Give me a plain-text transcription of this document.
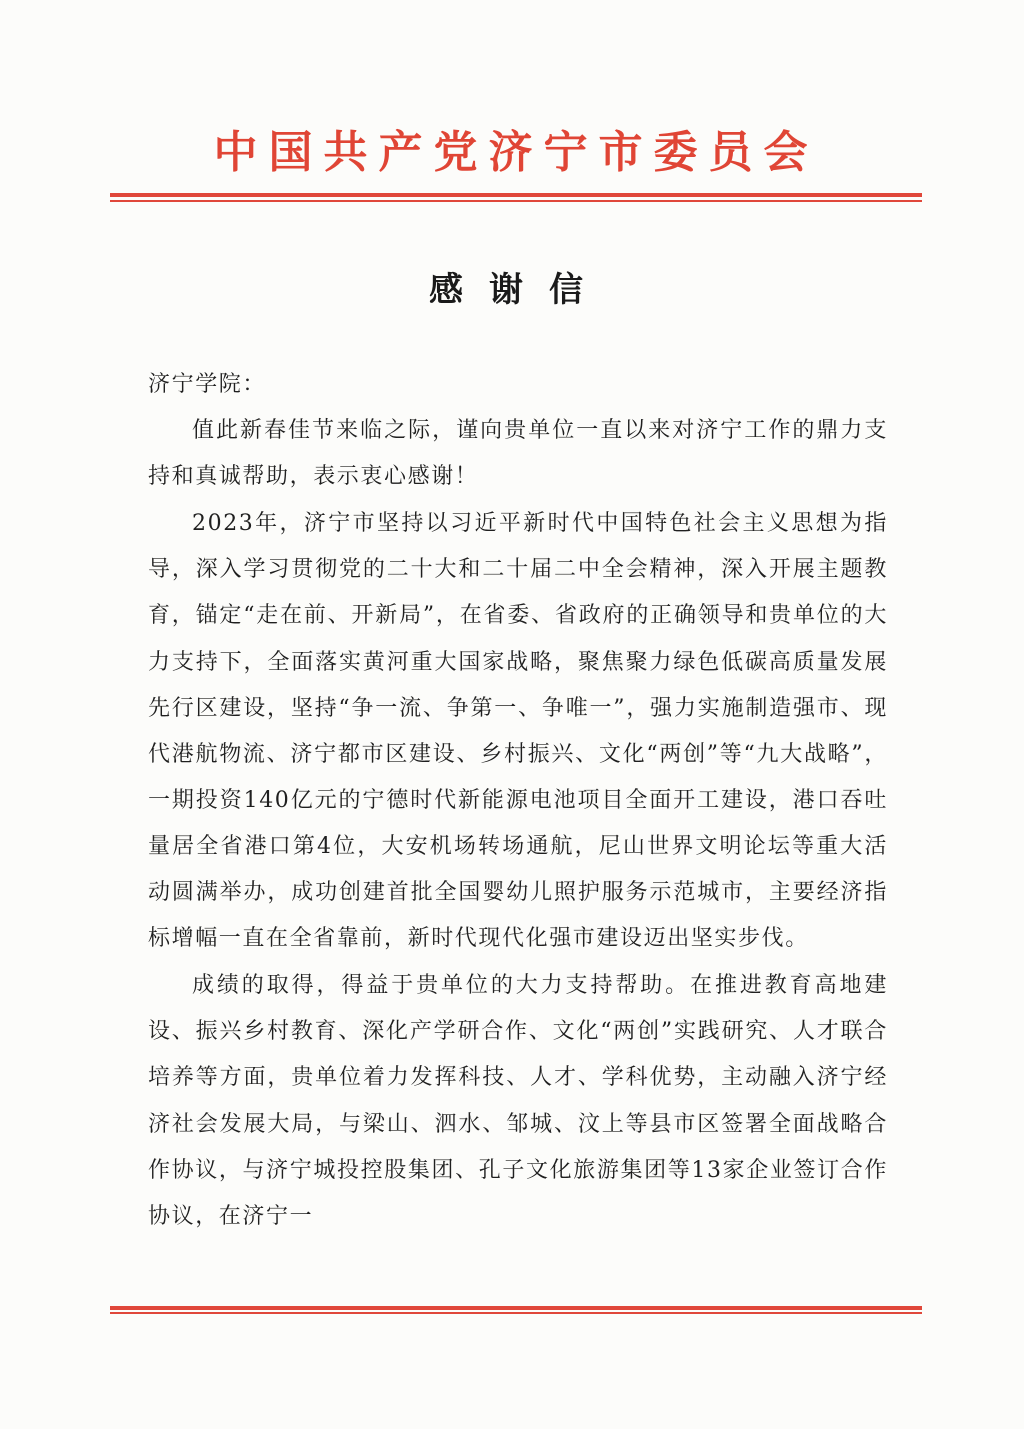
中国共产党济宁市委员会
感谢信

济宁学院：

值此新春佳节来临之际，谨向贵单位一直以来对济宁工作的鼎力支持和真诚帮助，表示衷心感谢！

2023年，济宁市坚持以习近平新时代中国特色社会主义思想为指导，深入学习贯彻党的二十大和二十届二中全会精神，深入开展主题教育，锚定“走在前、开新局”，在省委、省政府的正确领导和贵单位的大力支持下，全面落实黄河重大国家战略，聚焦聚力绿色低碳高质量发展先行区建设，坚持“争一流、争第一、争唯一”，强力实施制造强市、现代港航物流、济宁都市区建设、乡村振兴、文化“两创”等“九大战略”，一期投资140亿元的宁德时代新能源电池项目全面开工建设，港口吞吐量居全省港口第4位，大安机场转场通航，尼山世界文明论坛等重大活动圆满举办，成功创建首批全国婴幼儿照护服务示范城市，主要经济指标增幅一直在全省靠前，新时代现代化强市建设迈出坚实步伐。

成绩的取得，得益于贵单位的大力支持帮助。在推进教育高地建设、振兴乡村教育、深化产学研合作、文化“两创”实践研究、人才联合培养等方面，贵单位着力发挥科技、人才、学科优势，主动融入济宁经济社会发展大局，与梁山、泗水、邹城、汶上等县市区签署全面战略合作协议，与济宁城投控股集团、孔子文化旅游集团等13家企业签订合作协议，在济宁一
